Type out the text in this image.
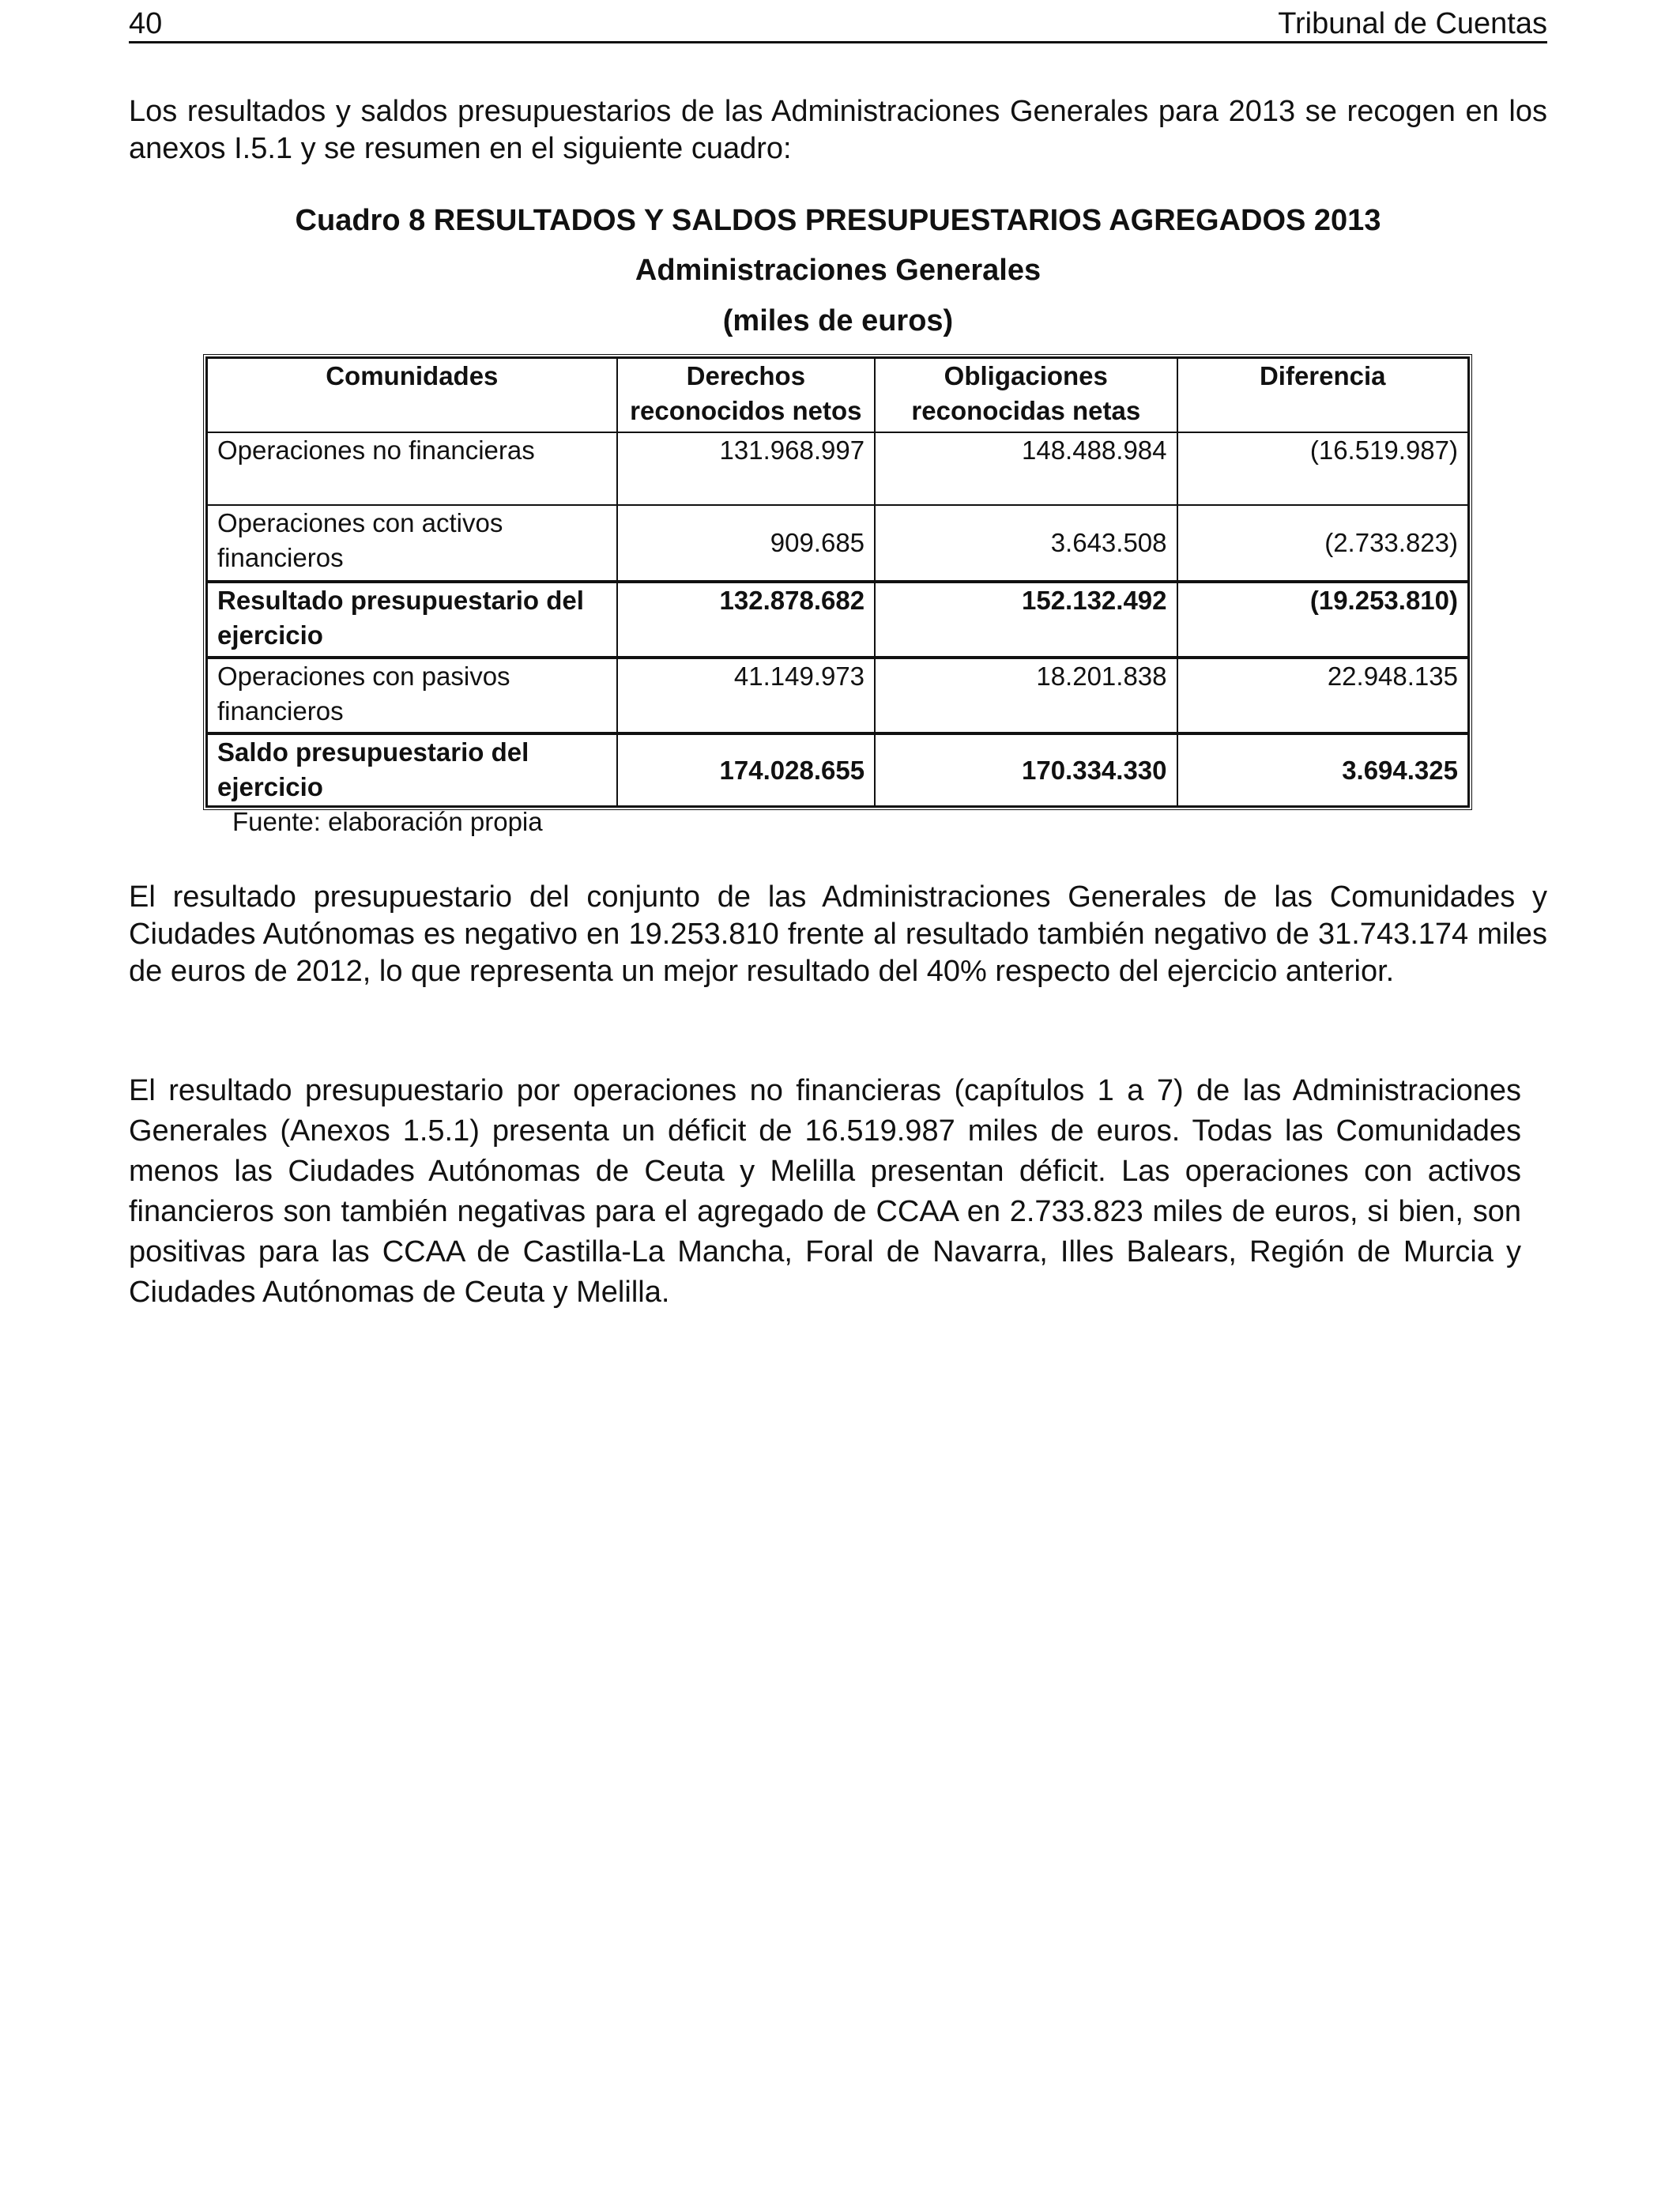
40	Tribunal de Cuentas

Los resultados y saldos presupuestarios de las Administraciones Generales para 2013 se recogen en los anexos I.5.1 y se resumen en el siguiente cuadro:

Cuadro 8 RESULTADOS Y SALDOS PRESUPUESTARIOS AGREGADOS 2013

Administraciones Generales

(miles de euros)

Comunidades	Derechos reconocidos netos	Obligaciones reconocidas netas	Diferencia
Operaciones no financieras	131.968.997	148.488.984	(16.519.987)
Operaciones con activos financieros	909.685	3.643.508	(2.733.823)
Resultado presupuestario del ejercicio	132.878.682	152.132.492	(19.253.810)
Operaciones con pasivos financieros	41.149.973	18.201.838	22.948.135
Saldo presupuestario del ejercicio	174.028.655	170.334.330	3.694.325
Fuente: elaboración propia

El resultado presupuestario del conjunto de las Administraciones Generales de las Comunidades y Ciudades Autónomas es negativo en 19.253.810 frente al resultado también negativo de 31.743.174 miles de euros de 2012, lo que representa un mejor resultado del 40% respecto del ejercicio anterior.

El resultado presupuestario por operaciones no financieras (capítulos 1 a 7) de las Administraciones Generales (Anexos 1.5.1) presenta un déficit de 16.519.987 miles de euros. Todas las Comunidades menos las Ciudades Autónomas de Ceuta y Melilla presentan déficit. Las operaciones con activos financieros son también negativas para el agregado de CCAA en 2.733.823 miles de euros, si bien, son positivas para las CCAA de Castilla-La Mancha, Foral de Navarra, Illes Balears, Región de Murcia y Ciudades Autónomas de Ceuta y Melilla.
